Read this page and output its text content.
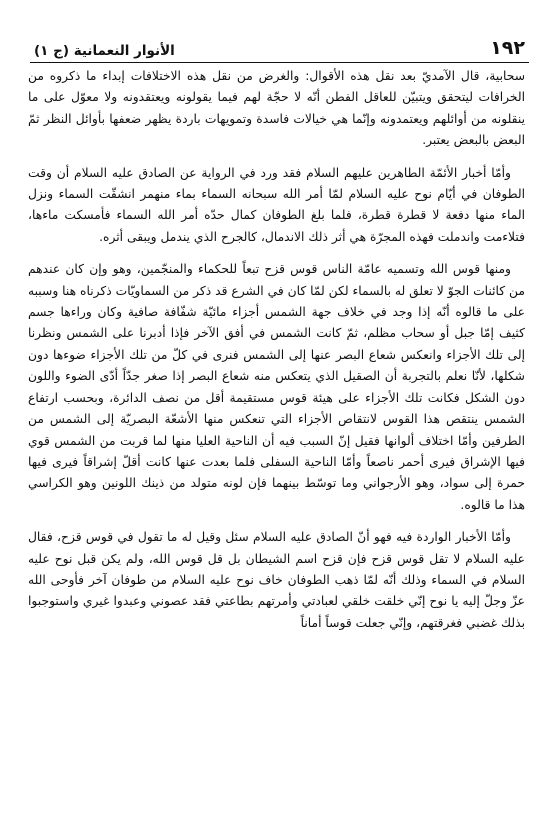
١٩٢
الأنوار النعمانية (ج ١)

سحابية، قال الآمديّ بعد نقل هذه الأقوال: والغرض من نقل هذه الاختلافات إبداء ما ذكروه من الخرافات ليتحقق ويتبيّن للعاقل الفطن أنّه لا حجّة لهم فيما يقولونه ويعتقدونه ولا معوّل على ما ينقلونه من أوائلهم ويعتمدونه وإنّما هي خيالات فاسدة وتمويهات باردة يظهر ضعفها بأوائل النظر ثمّ البعض بالبعض يعتبر.

وأمّا أخبار الأئمّة الطاهرين عليهم السلام فقد ورد في الرواية عن الصادق عليه السلام أن وقت الطوفان في أيّام نوح عليه السلام لمّا أمر الله سبحانه السماء بماء منهمر انشقّت السماء ونزل الماء منها دفعة لا قطرة قطرة، فلما بلغ الطوفان كمال حدّه أمر الله السماء فأمسكت ماءها، فتلاءمت واندملت فهذه المجرّة هي أثر ذلك الاندمال، كالجرح الذي يندمل ويبقى أثره.

ومنها قوس الله وتسميه عامّة الناس قوس قزح تبعاً للحكماء والمنجّمين، وهو وإن كان عندهم من كائنات الجوّ لا تعلق له بالسماء لكن لمّا كان في الشرع قد ذكر من السماويّات ذكرناه هنا وسببه على ما قالوه أنّه إذا وجد في خلاف جهة الشمس أجزاء مائيّة شفّافة صافية وكان وراءها جسم كثيف إمّا جبل أو سحاب مظلم، ثمّ كانت الشمس في أفق الآخر فإذا أدبرنا على الشمس ونظرنا إلى تلك الأجزاء وانعكس شعاع البصر عنها إلى الشمس فنرى في كلّ من تلك الأجزاء ضوءها دون شكلها، لأنّا نعلم بالتجربة أن الصقيل الذي يتعكس منه شعاع البصر إذا صغر جدّاً أدّى الضوء واللون دون الشكل فكانت تلك الأجزاء على هيئة قوس مستقيمة أقل من نصف الدائرة، وبحسب ارتفاع الشمس ينتقص هذا القوس لانتقاص الأجزاء التي تنعكس منها الأشعّة البصريّة إلى الشمس من الطرفين وأمّا اختلاف ألوانها فقيل إنّ السبب فيه أن الناحية العليا منها لما قربت من الشمس قوي فيها الإشراق فيرى أحمر ناصعاً وأمّا الناحية السفلى فلما بعدت عنها كانت أقلّ إشراقاً فيرى فيها حمرة إلى سواد، وهو الأرجواني وما توسّط بينهما فإن لونه متولد من ذينك اللونين وهو الكراسي هذا ما قالوه.

وأمّا الأخبار الواردة فيه فهو أنّ الصادق عليه السلام سئل وقيل له ما تقول في قوس قزح، فقال عليه السلام لا تقل قوس قزح فإن قزح اسم الشيطان بل قل قوس الله، ولم يكن قبل نوح عليه السلام في السماء وذلك أنّه لمّا ذهب الطوفان خاف نوح عليه السلام من طوفان آخر فأوحى الله عزّ وجلّ إليه يا نوح إنّي خلقت خلقي لعبادتي وأمرتهم بطاعتي فقد عصوني وعبدوا غيري واستوجبوا بذلك غضبي فغرقتهم، وإنّي جعلت قوساً أماناً
